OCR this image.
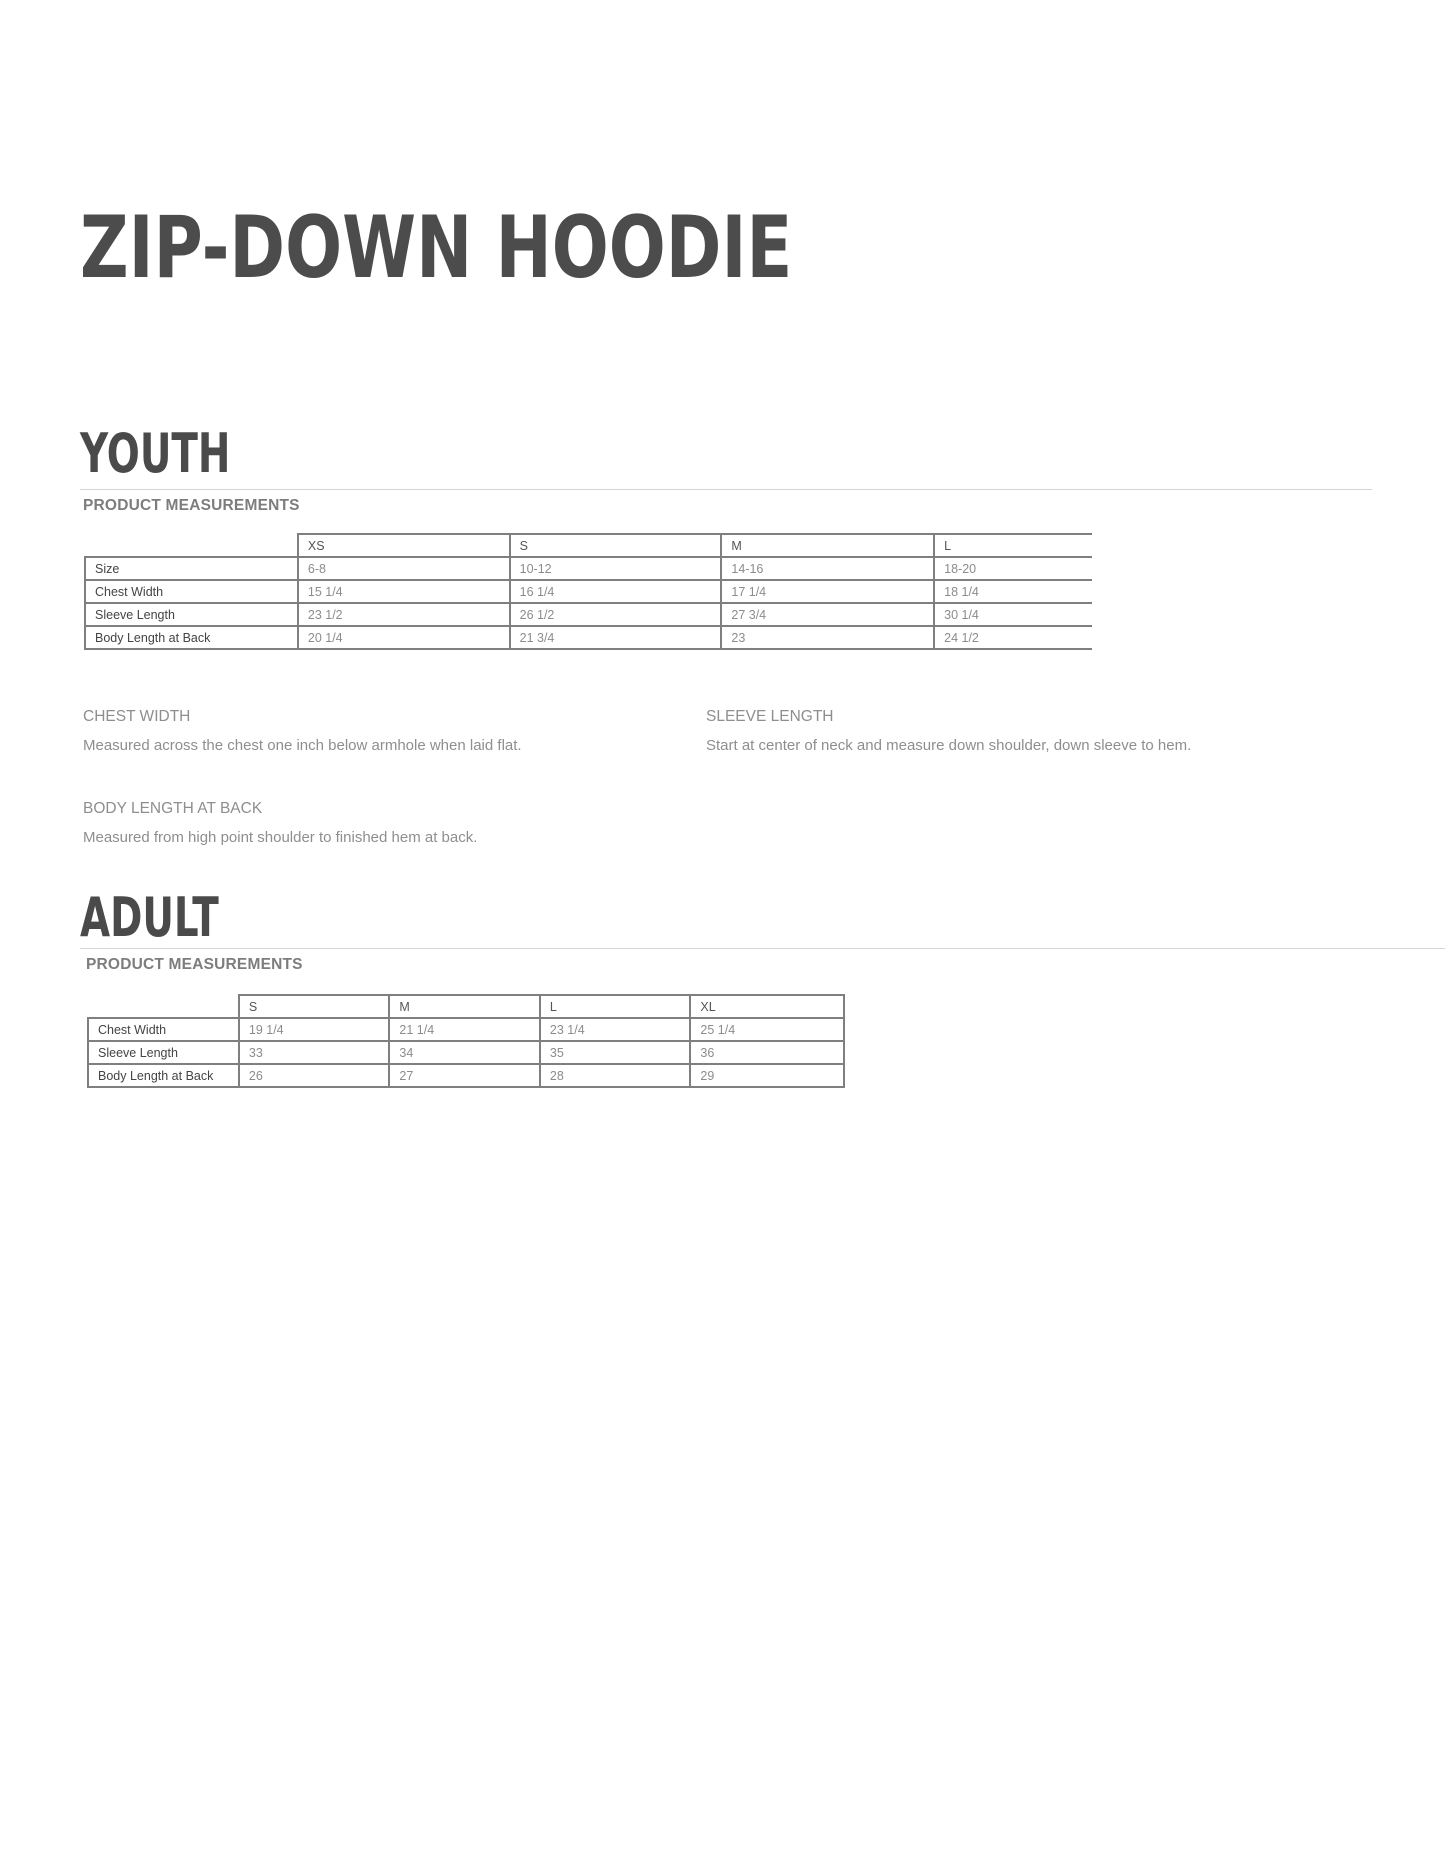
ZIP-DOWN HOODIE
YOUTH

PRODUCT MEASUREMENTS

	XS	S	M	L
Size	6-8	10-12	14-16	18-20
Chest Width	15 1/4	16 1/4	17 1/4	18 1/4
Sleeve Length	23 1/2	26 1/2	27 3/4	30 1/4
Body Length at Back	20 1/4	21 3/4	23	24 1/2

CHEST WIDTH

Measured across the chest one inch below armhole when laid flat.

SLEEVE LENGTH

Start at center of neck and measure down shoulder, down sleeve to hem.

BODY LENGTH AT BACK

Measured from high point shoulder to finished hem at back.

ADULT

PRODUCT MEASUREMENTS

	S	M	L	XL
Chest Width	19 1/4	21 1/4	23 1/4	25 1/4
Sleeve Length	33	34	35	36
Body Length at Back	26	27	28	29
